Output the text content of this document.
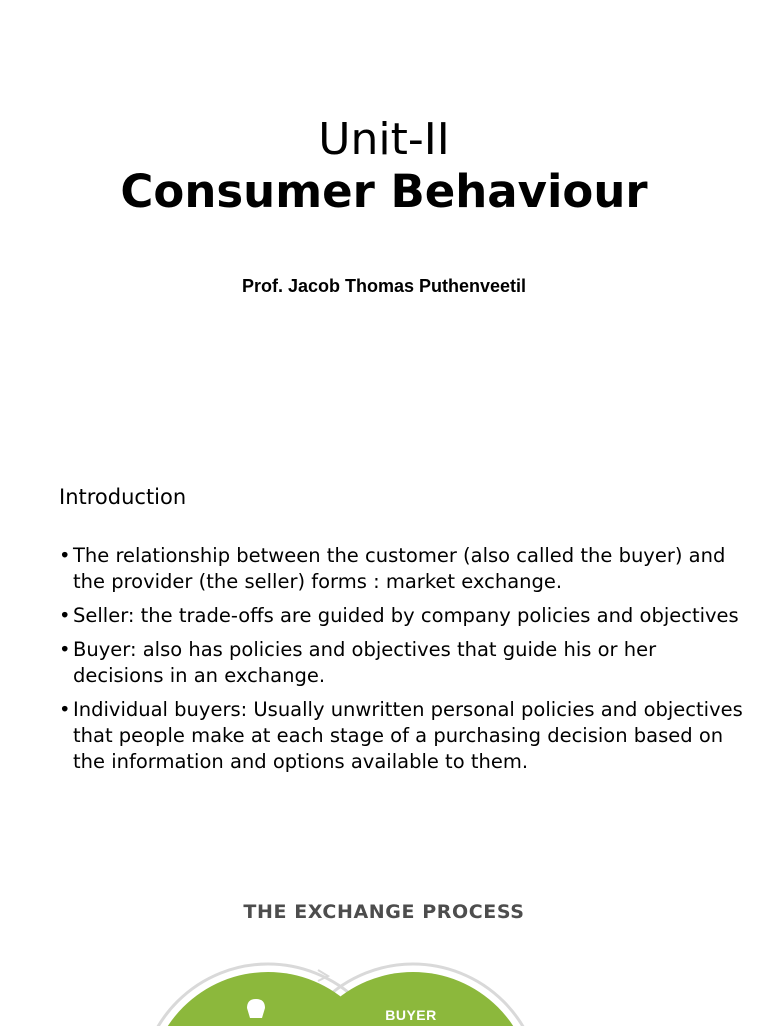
Unit-II
Consumer Behaviour
Prof. Jacob Thomas Puthenveetil
Introduction
• The relationship between the customer (also called the buyer) and the provider (the seller) forms : market exchange.
• Seller: the trade-offs are guided by company policies and objectives
• Buyer: also has policies and objectives that guide his or her decisions in an exchange.
• Individual buyers: Usually unwritten personal policies and objectives that people make at each stage of a purchasing decision based on the information and options available to them.
THE EXCHANGE PROCESS
BUYER
